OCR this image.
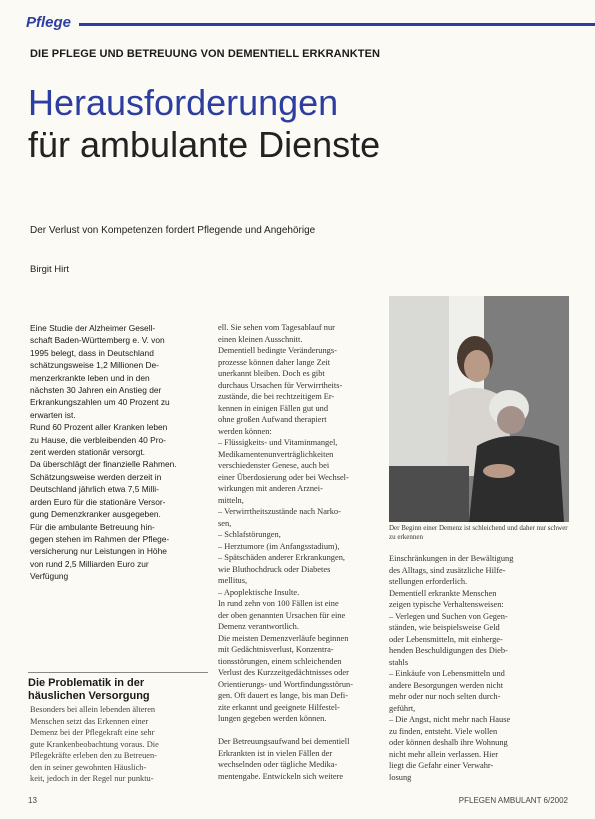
Pflege
DIE PFLEGE UND BETREUUNG VON DEMENTIELL ERKRANKTEN
Herausforderungen
für ambulante Dienste
Der Verlust von Kompetenzen fordert Pflegende und Angehörige
Birgit Hirt
Eine Studie der Alzheimer Gesell-
schaft Baden-Württemberg e. V. von
1995 belegt, dass in Deutschland
schätzungsweise 1,2 Millionen De-
menzerkrankte leben und in den
nächsten 30 Jahren ein Anstieg der
Erkrankungszahlen um 40 Prozent zu
erwarten ist.
Rund 60 Prozent aller Kranken leben
zu Hause, die verbleibenden 40 Pro-
zent werden stationär versorgt.
Da überschlägt der finanzielle Rahmen.
Schätzungsweise werden derzeit in
Deutschland jährlich etwa 7,5 Milli-
arden Euro für die stationäre Versor-
gung Demenzkranker ausgegeben.
Für die ambulante Betreuung hin-
gegen stehen im Rahmen der Pflege-
versicherung nur Leistungen in Höhe
von rund 2,5 Milliarden Euro zur
Verfügung
Die Problematik in der
häuslichen Versorgung
Besonders bei allein lebenden älteren
Menschen setzt das Erkennen einer
Demenz bei der Pflegekraft eine sehr
gute Krankenbeobachtung voraus. Die
Pflegekräfte erleben den zu Betreuen-
den in seiner gewohnten Häuslich-
keit, jedoch in der Regel nur punktu-
ell. Sie sehen vom Tagesablauf nur
einen kleinen Ausschnitt.
Dementiell bedingte Veränderungs-
prozesse können daher lange Zeit
unerkannt bleiben. Doch es gibt
durchaus Ursachen für Verwirrtheits-
zustände, die bei rechtzeitigem Er-
kennen in einigen Fällen gut und
ohne großen Aufwand therapiert
werden können:
– Flüssigkeits- und Vitaminmangel,
Medikamentenunverträglichkeiten
verschiedenster Genese, auch bei
einer Überdosierung oder bei Wechsel-
wirkungen mit anderen Arznei-
mitteln,
– Verwirrtheitszustände nach Narko-
sen,
– Schlafstörungen,
– Herztumore (im Anfangsstadium),
– Spätschäden anderer Erkrankungen,
wie Bluthochdruck oder Diabetes
mellitus,
– Apoplektische Insulte.
In rund zehn von 100 Fällen ist eine
der oben genannten Ursachen für eine
Demenz verantwortlich.
Die meisten Demenzverläufe beginnen
mit Gedächtnisverlust, Konzentra-
tionsstörungen, einem schleichenden
Verlust des Kurzzeitgedächtnisses oder
Orientierungs- und Wortfindungsstörun-
gen. Oft dauert es lange, bis man Defi-
zite erkannt und geeignete Hilfestel-
lungen gegeben werden können.

Der Betreuungsaufwand bei dementiell
Erkrankten ist in vielen Fällen der
wechselnden oder tägliche Medika-
mentengabe. Entwickeln sich weitere
Der Beginn einer Demenz ist schleichend und daher nur schwer zu erkennen
Einschränkungen in der Bewältigung
des Alltags, sind zusätzliche Hilfe-
stellungen erforderlich.
Dementiell erkrankte Menschen
zeigen typische Verhaltensweisen:
– Verlegen und Suchen von Gegen-
ständen, wie beispielsweise Geld
oder Lebensmitteln, mit einherge-
henden Beschuldigungen des Dieb-
stahls
– Einkäufe von Lebensmitteln und
andere Besorgungen werden nicht
mehr oder nur noch selten durch-
geführt,
– Die Angst, nicht mehr nach Hause
zu finden, entsteht. Viele wollen
oder können deshalb ihre Wohnung
nicht mehr allein verlassen. Hier
liegt die Gefahr einer Verwahr-
losung
13	PFLEGEN AMBULANT 6/2002
